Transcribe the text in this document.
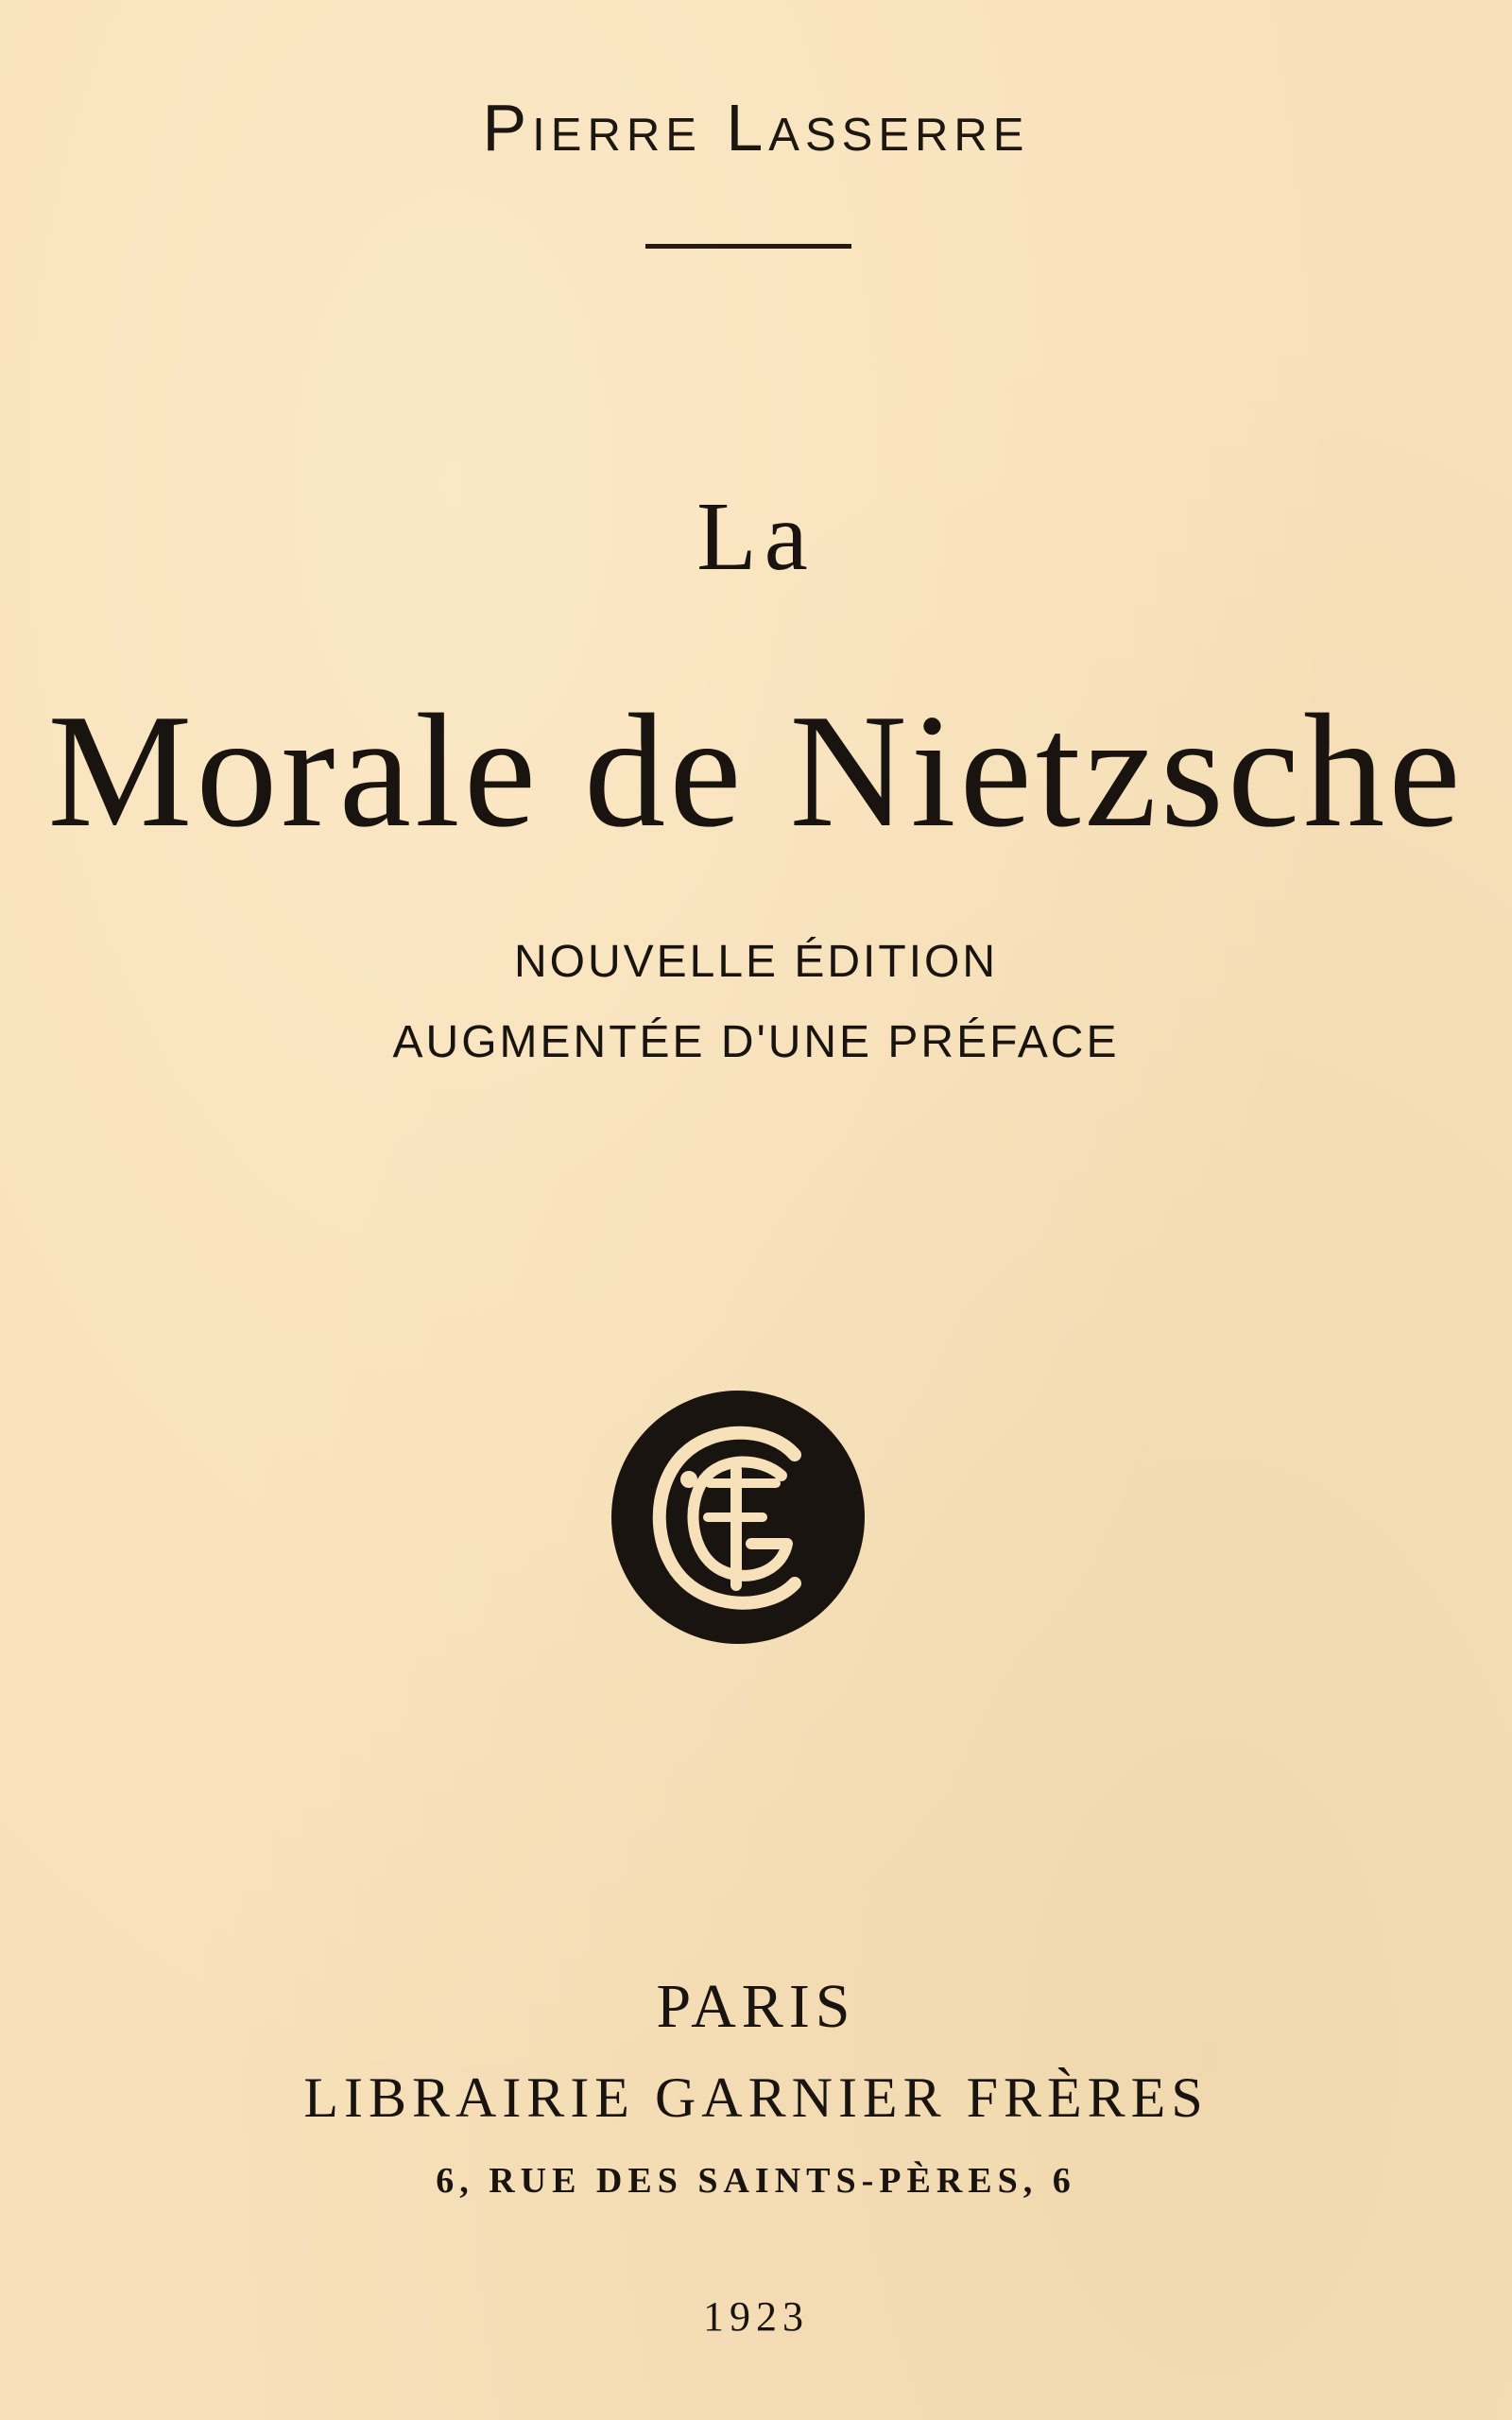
Pierre Lasserre
La
Morale de Nietzsche
NOUVELLE ÉDITION
AUGMENTÉE D'UNE PRÉFACE
PARIS
LIBRAIRIE GARNIER FRÈRES
6, RUE DES SAINTS-PÈRES, 6
1923
